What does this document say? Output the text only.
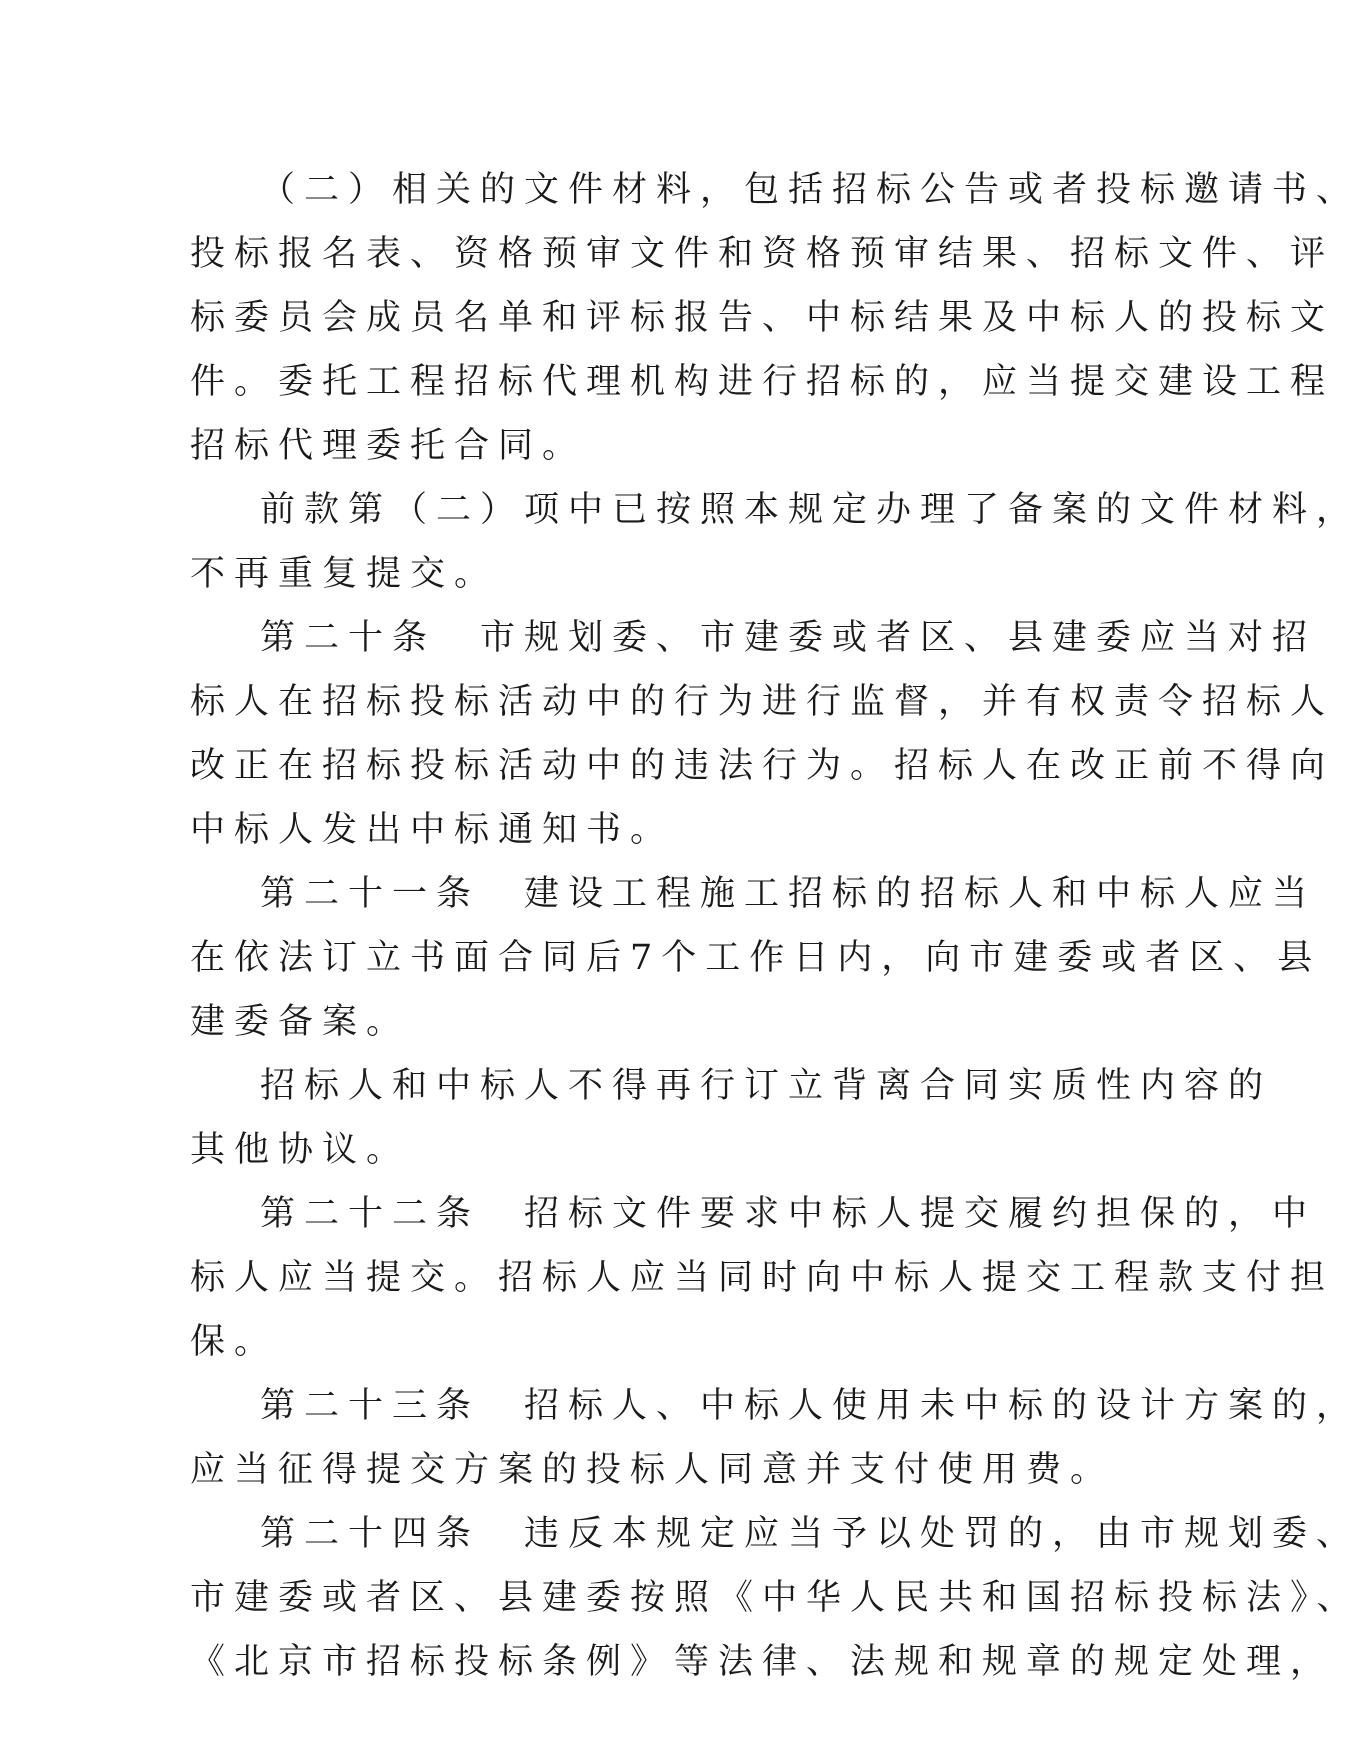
（二）相关的文件材料，包括招标公告或者投标邀请书、
投标报名表、资格预审文件和资格预审结果、招标文件、评
标委员会成员名单和评标报告、中标结果及中标人的投标文
件。委托工程招标代理机构进行招标的，应当提交建设工程
招标代理委托合同。
前款第（二）项中已按照本规定办理了备案的文件材料，
不再重复提交。
第二十条　市规划委、市建委或者区、县建委应当对招
标人在招标投标活动中的行为进行监督，并有权责令招标人
改正在招标投标活动中的违法行为。招标人在改正前不得向
中标人发出中标通知书。
第二十一条　建设工程施工招标的招标人和中标人应当
在依法订立书面合同后7个工作日内，向市建委或者区、县
建委备案。
招标人和中标人不得再行订立背离合同实质性内容的
其他协议。
第二十二条　招标文件要求中标人提交履约担保的，中
标人应当提交。招标人应当同时向中标人提交工程款支付担
保。
第二十三条　招标人、中标人使用未中标的设计方案的，
应当征得提交方案的投标人同意并支付使用费。
第二十四条　违反本规定应当予以处罚的，由市规划委、
市建委或者区、县建委按照《中华人民共和国招标投标法》、
《北京市招标投标条例》等法律、法规和规章的规定处理，
